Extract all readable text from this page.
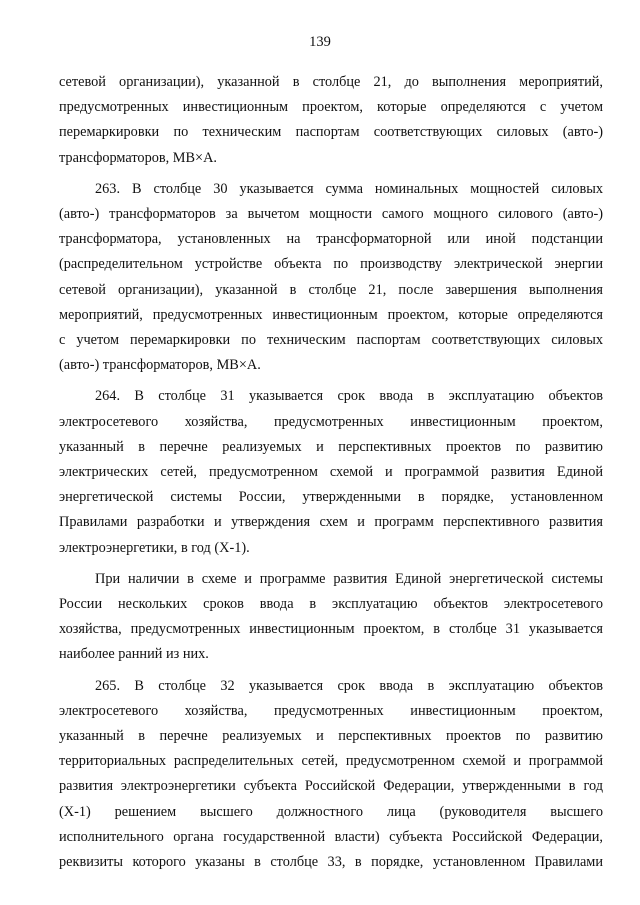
139
сетевой организации), указанной в столбце 21, до выполнения мероприятий,
предусмотренных инвестиционным проектом, которые определяются с учетом
перемаркировки по техническим паспортам соответствующих силовых (авто-)
трансформаторов, МВ×А.
263. В столбце 30 указывается сумма номинальных мощностей силовых
(авто-) трансформаторов за вычетом мощности самого мощного силового (авто-)
трансформатора, установленных на трансформаторной или иной подстанции
(распределительном устройстве объекта по производству электрической энергии
сетевой организации), указанной в столбце 21, после завершения выполнения
мероприятий, предусмотренных инвестиционным проектом, которые определяются
с учетом перемаркировки по техническим паспортам соответствующих силовых
(авто-) трансформаторов, МВ×А.
264. В столбце 31 указывается срок ввода в эксплуатацию объектов
электросетевого хозяйства, предусмотренных инвестиционным проектом,
указанный в перечне реализуемых и перспективных проектов по развитию
электрических сетей, предусмотренном схемой и программой развития Единой
энергетической системы России, утвержденными в порядке, установленном
Правилами разработки и утверждения схем и программ перспективного развития
электроэнергетики, в год (Х-1).
При наличии в схеме и программе развития Единой энергетической системы
России нескольких сроков ввода в эксплуатацию объектов электросетевого
хозяйства, предусмотренных инвестиционным проектом, в столбце 31 указывается
наиболее ранний из них.
265. В столбце 32 указывается срок ввода в эксплуатацию объектов
электросетевого хозяйства, предусмотренных инвестиционным проектом,
указанный в перечне реализуемых и перспективных проектов по развитию
территориальных распределительных сетей, предусмотренном схемой и программой
развития электроэнергетики субъекта Российской Федерации, утвержденными в год
(Х-1) решением высшего должностного лица (руководителя высшего
исполнительного органа государственной власти) субъекта Российской Федерации,
реквизиты которого указаны в столбце 33, в порядке, установленном Правилами
